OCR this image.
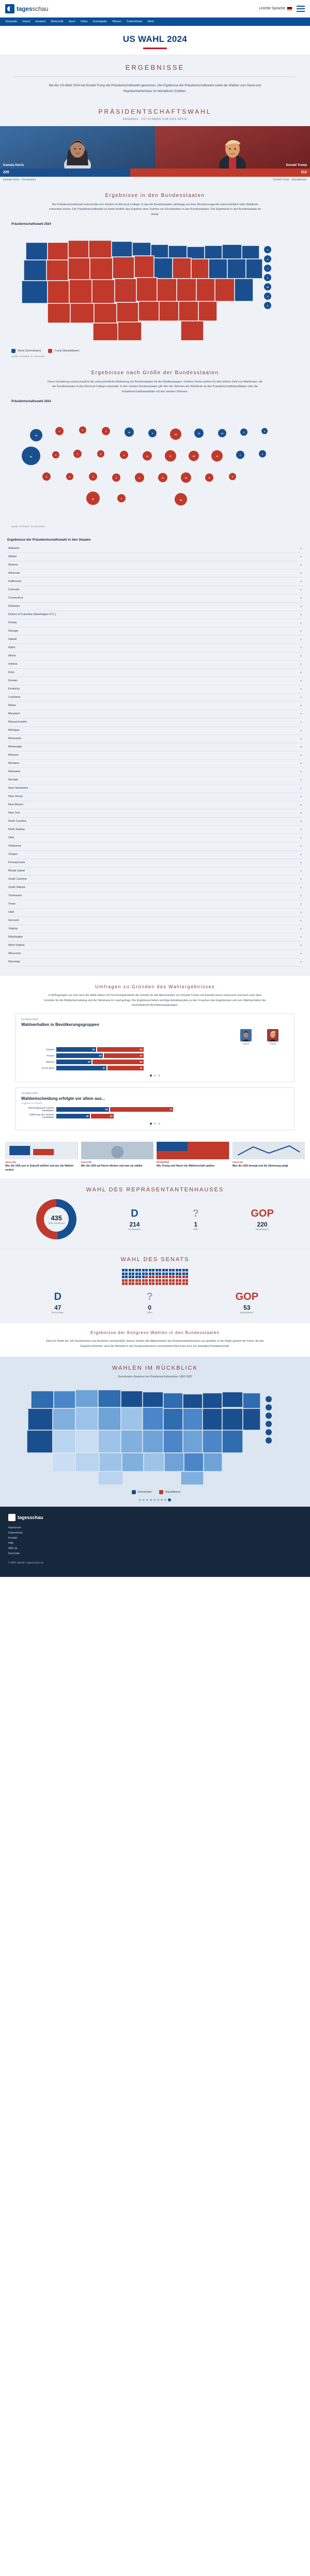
tagesschau	Leichte Sprache
Startseite Inland Ausland Wirtschaft Sport Video Investigativ Wissen Faktenfinder Mehr
US WAHL 2024
ERGEBNISSE

Bei der US-Wahl 2024 hat Donald Trump die Präsidentschaftswahl gewonnen. Die Ergebnisse der Präsidentschaftswahl sowie der Wahlen zum Senat und Repräsentantenhaus im interaktiven Grafiken.

PRÄSIDENTSCHAFTSWAHL
ERGEBNIS · 270 STIMMEN ZUM SIEG NÖTIG
Kamala Harris	Donald Trump
226	312
Kamala Harris · Demokraten	Donald Trump · Republikaner
Ergebnisse in den Bundesstaaten
Die Präsidentschaftswahl entscheidet sich letztlich im Electoral College: In das die Bundesstaaten abhängig von ihrer Bevölkerungszahl unterschiedlich viele Wahlleute entsenden dürfen. Die Präsidentschaftswahl ist damit letztlich das Ergebnis einer Summe von Einzelwahlen in den Bundesstaaten. Die Ergebnisse in den Bundesstaaten im Detail.
Präsidentschaftswahl 2024
4
3
7
4
10
3
3
Harris (Demokraten)	Trump (Republikaner)
Quelle: AP/Stand: 16. Dezember
Ergebnisse nach Größe der Bundesstaaten
Diese Darstellung veranschaulicht die unterschiedliche Bedeutung der Bundesstaaten für die Wahlkampagne: Größere Kreise stehen für eine höhere Zahl von Wahlleuten, die der Bundesstaaten in das Electoral College entsendet. In den meisten Bundesstaaten gilt: Wer die Stimmen der Wahlleute an den Präsidentschaftskandidaten oder die Präsidentschaftskandidatin mit den meisten Stimmen.
Präsidentschaftswahl 2024
12
4	3	4	10	6	15	11	10	4	3
54
3	6	5	6	11	17	16	19	7	4
5	4	6	6	8	11	16	8	5
40	6
30
Quelle: AP/Stand: 16. Dezember
Ergebnisse der Präsidentschaftswahl in den Staaten
Alabama	▾
Alaska	▾
Arizona	▾
Arkansas	▾
Kalifornien	▾
Colorado	▾
Connecticut	▾
Delaware	▾
District of Columbia (Washington D.C.)	▾
Florida	▾
Georgia	▾
Hawaii	▾
Idaho	▾
Illinois	▾
Indiana	▾
Iowa	▾
Kansas	▾
Kentucky	▾
Louisiana	▾
Maine	▾
Maryland	▾
Massachusetts	▾
Michigan	▾
Minnesota	▾
Mississippi	▾
Missouri	▾
Montana	▾
Nebraska	▾
Nevada	▾
New Hampshire	▾
New Jersey	▾
New Mexico	▾
New York	▾
North Carolina	▾
North Dakota	▾
Ohio	▾
Oklahoma	▾
Oregon	▾
Pennsylvania	▾
Rhode Island	▾
South Carolina	▾
South Dakota	▾
Tennessee	▾
Texas	▾
Utah	▾
Vermont	▾
Virginia	▾
Washington	▾
West Virginia	▾
Wisconsin	▾
Wyoming	▾
Umfragen zu Gründen des Wahlergebnisses
In Befragungen vor und nach der Wahl haben US-Forschungsinstitute die Gründe für das Abschneiden von Donald Trump und Kamala Harris untersucht und nach nach dem Gründen für die Wahlentscheidung und die Stimmung im Land gefragt. Die Ergebnisse liefern wichtige Anhaltspunkte zu den Ursachen des Ergebnisses und zum Wahlverhalten der verschiedenen Bevölkerungsgruppen.
US-Wahl 2024
Wahlverhalten in Bevölkerungsgruppen
Harris	Trump
Gesamt	45	53
Frauen	53	45
Männer	40	58
18-29 Jahre	57	41
US-Wahl 2024
Wahlentscheidung erfolgte vor allem aus...
Angaben in Prozent
Überzeugung für meinen Kandidaten	60	72
Ablehnung des anderen Kandidaten	38	26
ANALYSE
Wer die USA nun in Zukunft anführt und wer die Wahlen verliert
ANALYSE
Wie die USA auf Harris blicken und was sie wählte
INTERVIEW
Wie Trump und Harris die Wählerschaft spalten
ANALYSE
Was die USA bewegt und die Stimmung prägt
WAHL DES REPRÄSENTANTENHAUSES
435
Sitze insgesamt
D
214
Demokraten
?
1
offen
GOP
220
Republikaner
WAHL DES SENATS
D
47
Demokraten
?
0
offen
GOP
53
Republikaner
Ergebnisse der Kongress-Wahlen in den Bundesstaaten

Etwa ein Drittel der 100 Senatorinnen und Senatoren wird gewählt, ebenso werden alle Abgeordneten des Repräsentantenhauses neu gewählt. In der Regel gewinnt die Partei, die das Ergebnis bestimmt, auch die Mehrheit in den Kongresskammern und bestimmt damit den Kurs der jeweiligen Präsidentschaft.

WAHLEN IM RÜCKBLICK
Demokraten-Gewinner bei Präsidentschaftswahlen 1992-2020
Demokraten	Republikaner
tagesschau
Impressum
Datenschutz
Kontakt
Hilfe
ARD.de
Das Erste
© ARD-aktuell / tagesschau.de
